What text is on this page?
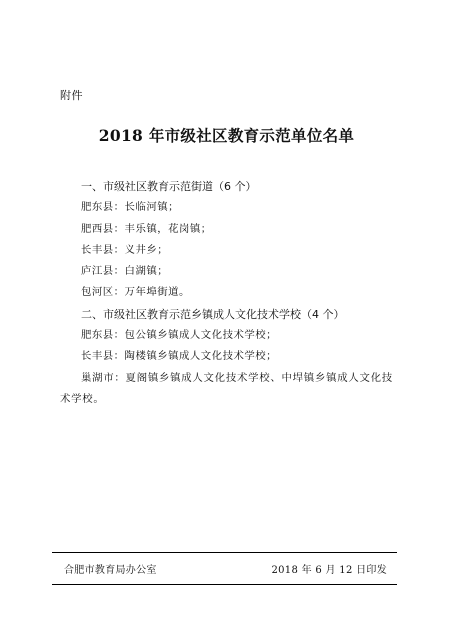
附件
2018 年市级社区教育示范单位名单
一、市级社区教育示范街道（6 个）
肥东县：长临河镇；
肥西县：丰乐镇，花岗镇；
长丰县：义井乡；
庐江县：白湖镇；
包河区：万年埠街道。
二、市级社区教育示范乡镇成人文化技术学校（4 个）
肥东县：包公镇乡镇成人文化技术学校；
长丰县：陶楼镇乡镇成人文化技术学校；
巢湖市：夏阁镇乡镇成人文化技术学校、中垾镇乡镇成人文化技术学校。
合肥市教育局办公室	2018 年 6 月 12 日印发
